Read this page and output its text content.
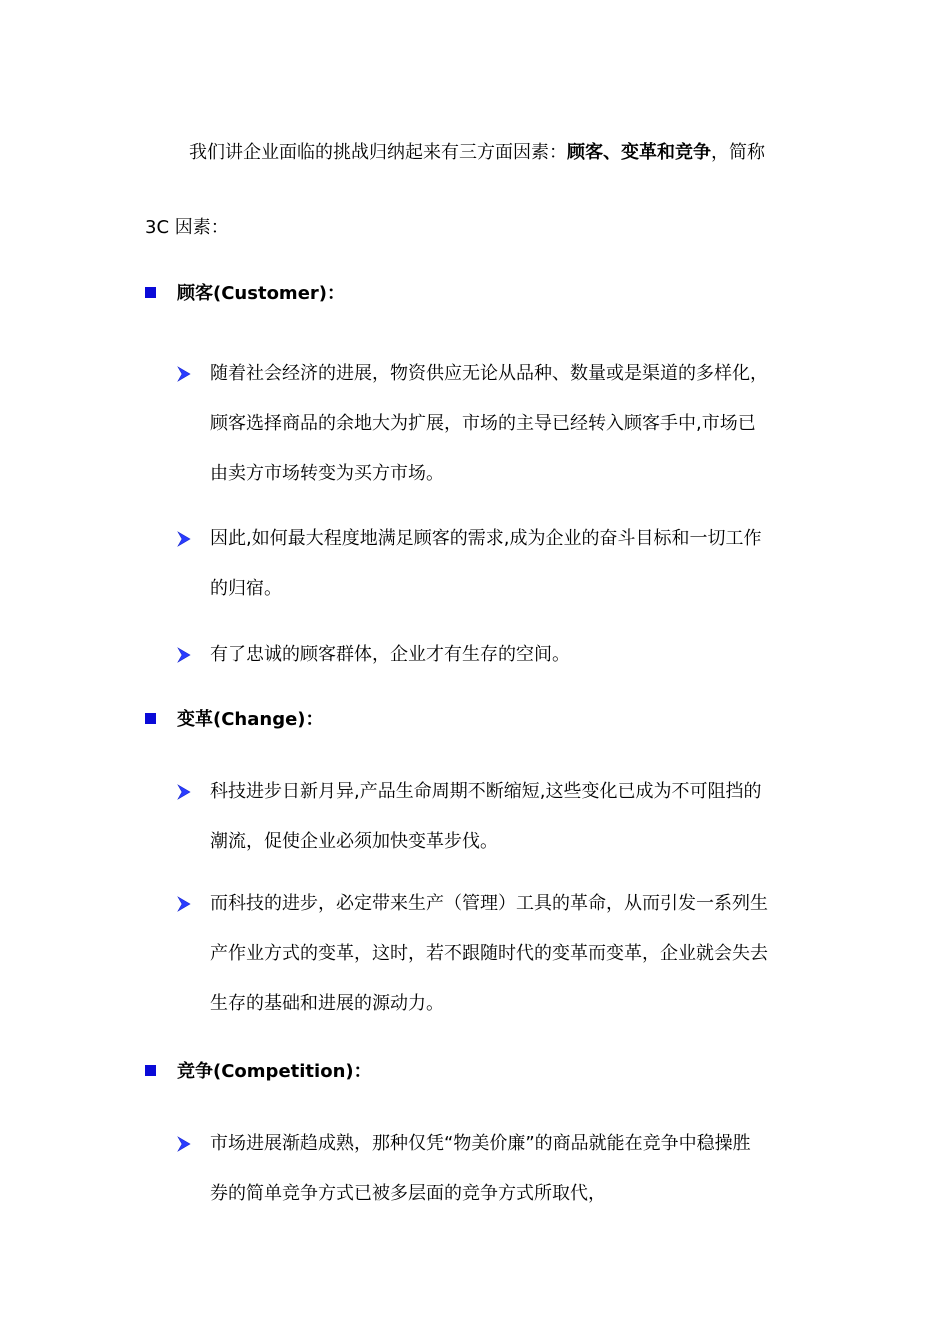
我们讲企业面临的挑战归纳起来有三方面因素：顾客、变革和竞争，简称
3C 因素：
顾客(Customer)：
随着社会经济的进展，物资供应无论从品种、数量或是渠道的多样化，
顾客选择商品的余地大为扩展，市场的主导已经转入顾客手中,市场已
由卖方市场转变为买方市场。
因此,如何最大程度地满足顾客的需求,成为企业的奋斗目标和一切工作
的归宿。
有了忠诚的顾客群体，企业才有生存的空间。
变革(Change)：
科技进步日新月异,产品生命周期不断缩短,这些变化已成为不可阻挡的
潮流，促使企业必须加快变革步伐。
而科技的进步，必定带来生产（管理）工具的革命，从而引发一系列生
产作业方式的变革，这时，若不跟随时代的变革而变革，企业就会失去
生存的基础和进展的源动力。
竞争(Competition)：
市场进展渐趋成熟，那种仅凭“物美价廉”的商品就能在竞争中稳操胜
券的简单竞争方式已被多层面的竞争方式所取代，
